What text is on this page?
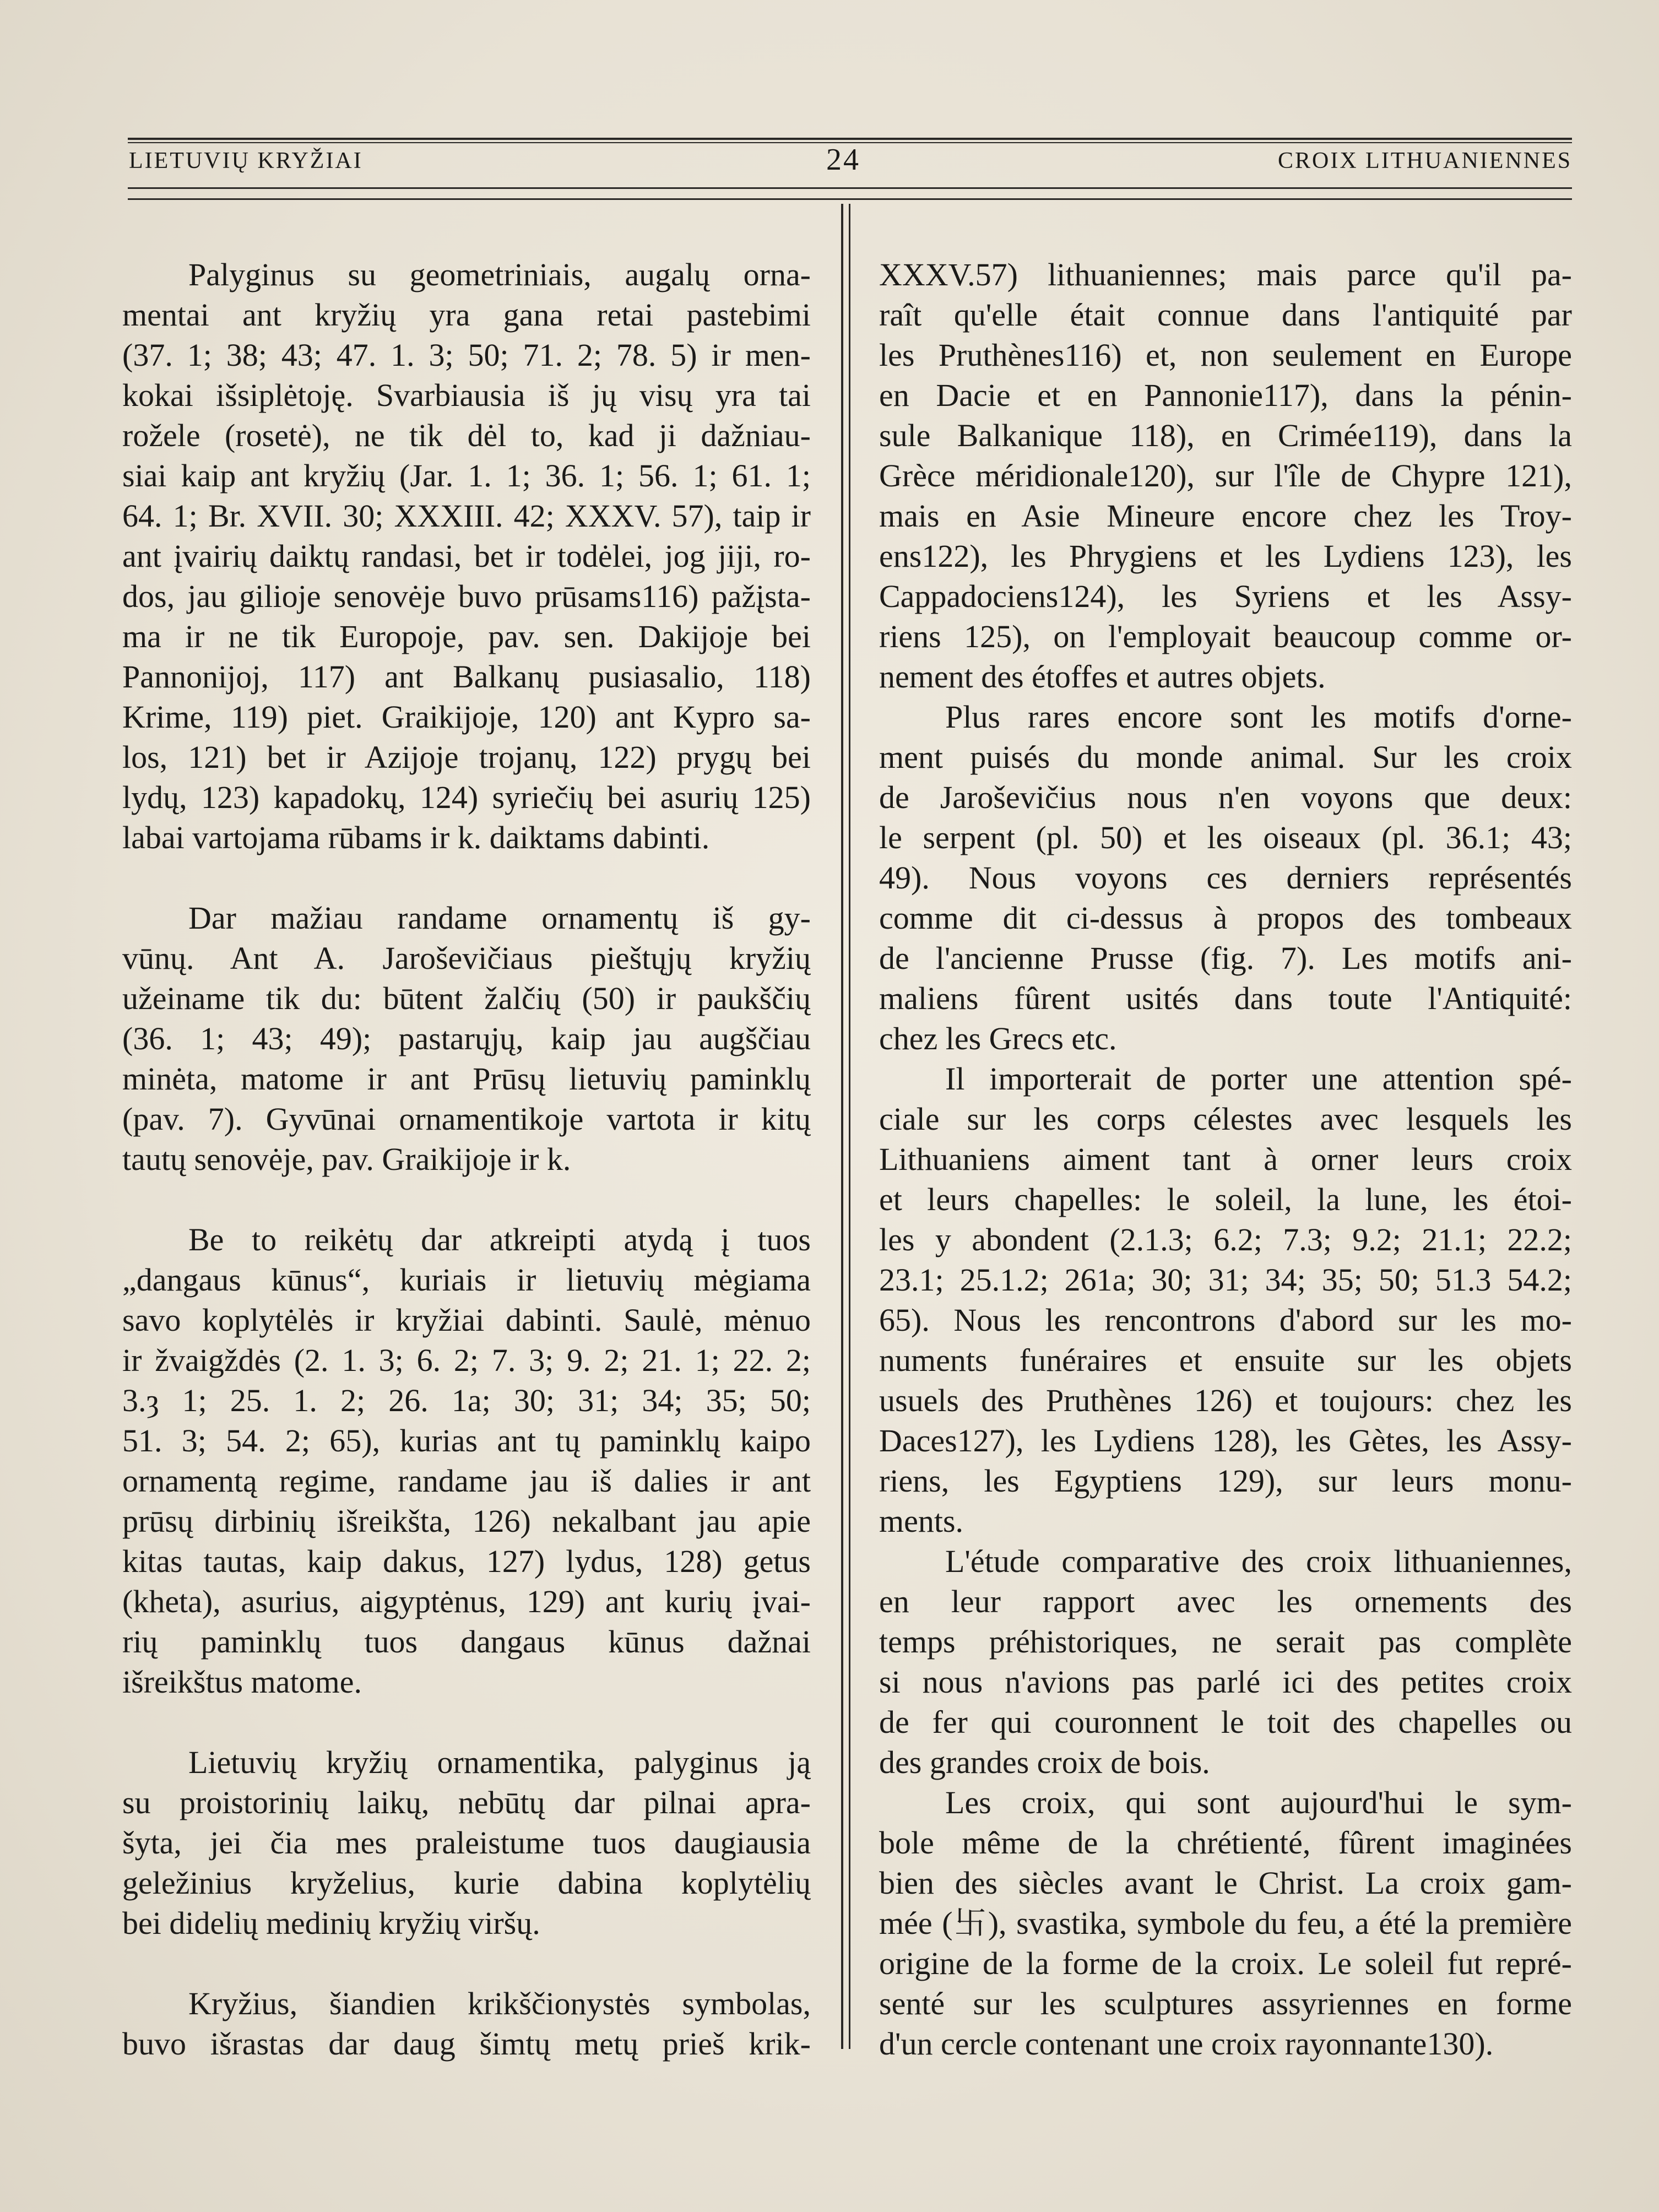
LIETUVIŲ KRYŽIAI	24	CROIX LITHUANIENNES
Palyginus su geometriniais, augalų orna-
mentai ant kryžių yra gana retai pastebimi
(37. 1; 38; 43; 47. 1. 3; 50; 71. 2; 78. 5) ir men-
kokai išsiplėtoję. Svarbiausia iš jų visų yra tai
rožele (rosetė), ne tik dėl to, kad ji dažniau-
siai kaip ant kryžių (Jar. 1. 1; 36. 1; 56. 1; 61. 1;
64. 1; Br. XVII. 30; XXXIII. 42; XXXV. 57), taip ir
ant įvairių daiktų randasi, bet ir todėlei, jog jiji, ro-
dos, jau gilioje senovėje buvo prūsams116) pažįsta-
ma ir ne tik Europoje, pav. sen. Dakijoje bei
Pannonijoj, 117) ant Balkanų pusiasalio, 118)
Krime, 119) piet. Graikijoje, 120) ant Kypro sa-
los, 121) bet ir Azijoje trojanų, 122) prygų bei
lydų, 123) kapadokų, 124) syriečių bei asurių 125)
labai vartojama rūbams ir k. daiktams dabinti.
Dar mažiau randame ornamentų iš gy-
vūnų. Ant A. Jaroševičiaus pieštųjų kryžių
užeiname tik du: būtent žalčių (50) ir paukščių
(36. 1; 43; 49); pastarųjų, kaip jau augščiau
minėta, matome ir ant Prūsų lietuvių paminklų
(pav. 7). Gyvūnai ornamentikoje vartota ir kitų
tautų senovėje, pav. Graikijoje ir k.
Be to reikėtų dar atkreipti atydą į tuos
„dangaus kūnus“, kuriais ir lietuvių mėgiama
savo koplytėlės ir kryžiai dabinti. Saulė, mėnuo
ir žvaigždės (2. 1. 3; 6. 2; 7. 3; 9. 2; 21. 1; 22. 2;
3.ȝ 1; 25. 1. 2; 26. 1a; 30; 31; 34; 35; 50;
51. 3; 54. 2; 65), kurias ant tų paminklų kaipo
ornamentą regime, randame jau iš dalies ir ant
prūsų dirbinių išreikšta, 126) nekalbant jau apie
kitas tautas, kaip dakus, 127) lydus, 128) getus
(kheta), asurius, aigyptėnus, 129) ant kurių įvai-
rių paminklų tuos dangaus kūnus dažnai
išreikštus matome.
Lietuvių kryžių ornamentika, palyginus ją
su proistorinių laikų, nebūtų dar pilnai apra-
šyta, jei čia mes praleistume tuos daugiausia
geležinius kryželius, kurie dabina koplytėlių
bei didelių medinių kryžių viršų.
Kryžius, šiandien krikščionystės symbolas,
buvo išrastas dar daug šimtų metų prieš krik-
XXXV.57) lithuaniennes; mais parce qu'il pa-
raît qu'elle était connue dans l'antiquité par
les Pruthènes116) et, non seulement en Europe
en Dacie et en Pannonie117), dans la pénin-
sule Balkanique 118), en Crimée119), dans la
Grèce méridionale120), sur l'île de Chypre 121),
mais en Asie Mineure encore chez les Troy-
ens122), les Phrygiens et les Lydiens 123), les
Cappadociens124), les Syriens et les Assy-
riens 125), on l'employait beaucoup comme or-
nement des étoffes et autres objets.
Plus rares encore sont les motifs d'orne-
ment puisés du monde animal. Sur les croix
de Jaroševičius nous n'en voyons que deux:
le serpent (pl. 50) et les oiseaux (pl. 36.1; 43;
49). Nous voyons ces derniers représentés
comme dit ci-dessus à propos des tombeaux
de l'ancienne Prusse (fig. 7). Les motifs ani-
maliens fûrent usités dans toute l'Antiquité:
chez les Grecs etc.
Il importerait de porter une attention spé-
ciale sur les corps célestes avec lesquels les
Lithuaniens aiment tant à orner leurs croix
et leurs chapelles: le soleil, la lune, les étoi-
les y abondent (2.1.3; 6.2; 7.3; 9.2; 21.1; 22.2;
23.1; 25.1.2; 261a; 30; 31; 34; 35; 50; 51.3 54.2;
65). Nous les rencontrons d'abord sur les mo-
numents funéraires et ensuite sur les objets
usuels des Pruthènes 126) et toujours: chez les
Daces127), les Lydiens 128), les Gètes, les Assy-
riens, les Egyptiens 129), sur leurs monu-
ments.
L'étude comparative des croix lithuaniennes,
en leur rapport avec les ornements des
temps préhistoriques, ne serait pas complète
si nous n'avions pas parlé ici des petites croix
de fer qui couronnent le toit des chapelles ou
des grandes croix de bois.
Les croix, qui sont aujourd'hui le sym-
bole même de la chrétienté, fûrent imaginées
bien des siècles avant le Christ. La croix gam-
mée (卐), svastika, symbole du feu, a été la première
origine de la forme de la croix. Le soleil fut repré-
senté sur les sculptures assyriennes en forme
d'un cercle contenant une croix rayonnante130).
